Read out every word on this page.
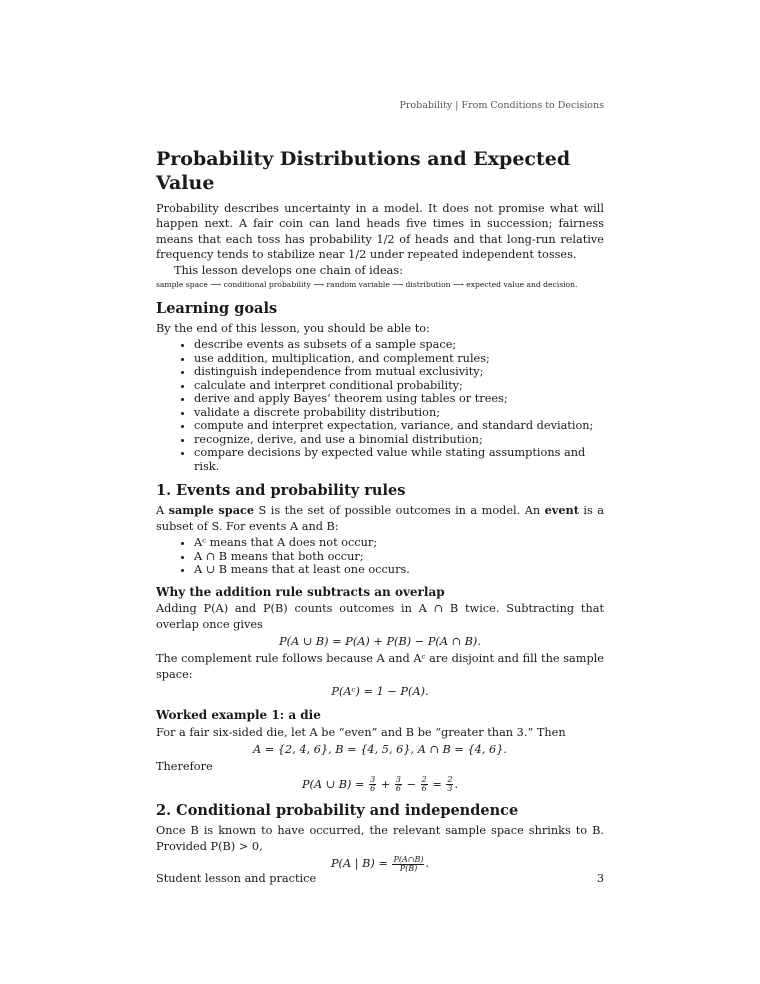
Probability | From Conditions to Decisions
Probability Distributions and Expected Value

Probability describes uncertainty in a model. It does not promise what will happen next. A fair coin can land heads five times in succession; fairness means that each toss has probability 1/2 of heads and that long-run relative frequency tends to stabilize near 1/2 under repeated independent tosses.

This lesson develops one chain of ideas:

sample space ⟶ conditional probability ⟶ random variable ⟶ distribution ⟶ expected value and decision.
Learning goals

By the end of this lesson, you should be able to:

• describe events as subsets of a sample space;
• use addition, multiplication, and complement rules;
• distinguish independence from mutual exclusivity;
• calculate and interpret conditional probability;
• derive and apply Bayes’ theorem using tables or trees;
• validate a discrete probability distribution;
• compute and interpret expectation, variance, and standard deviation;
• recognize, derive, and use a binomial distribution;
• compare decisions by expected value while stating assumptions and risk.
1. Events and probability rules

A sample space S is the set of possible outcomes in a model. An event is a subset of S. For events A and B:

• Aᶜ means that A does not occur;
• A ∩ B means that both occur;
• A ∪ B means that at least one occurs.
Why the addition rule subtracts an overlap

Adding P(A) and P(B) counts outcomes in A ∩ B twice. Subtracting that overlap once gives

P(A ∪ B) = P(A) + P(B) − P(A ∩ B).

The complement rule follows because A and Aᶜ are disjoint and fill the sample space:

P(Aᶜ) = 1 − P(A).
Worked example 1: a die

For a fair six-sided die, let A be “even” and B be “greater than 3.” Then

A = {2, 4, 6}, B = {4, 5, 6}, A ∩ B = {4, 6}.

Therefore

P(A ∪ $B) = \frac{3}{6} + \frac{3}{6} - \frac{2}{6} = \frac{2}{3}$ .
2. Conditional probability and independence

Once B is known to have occurred, the relevant sample space shrinks to B. Provided P(B) > 0,

P(A | $B) = \frac{P(A\cap B)}{P(B)}$ .
Student lesson and practice	3
